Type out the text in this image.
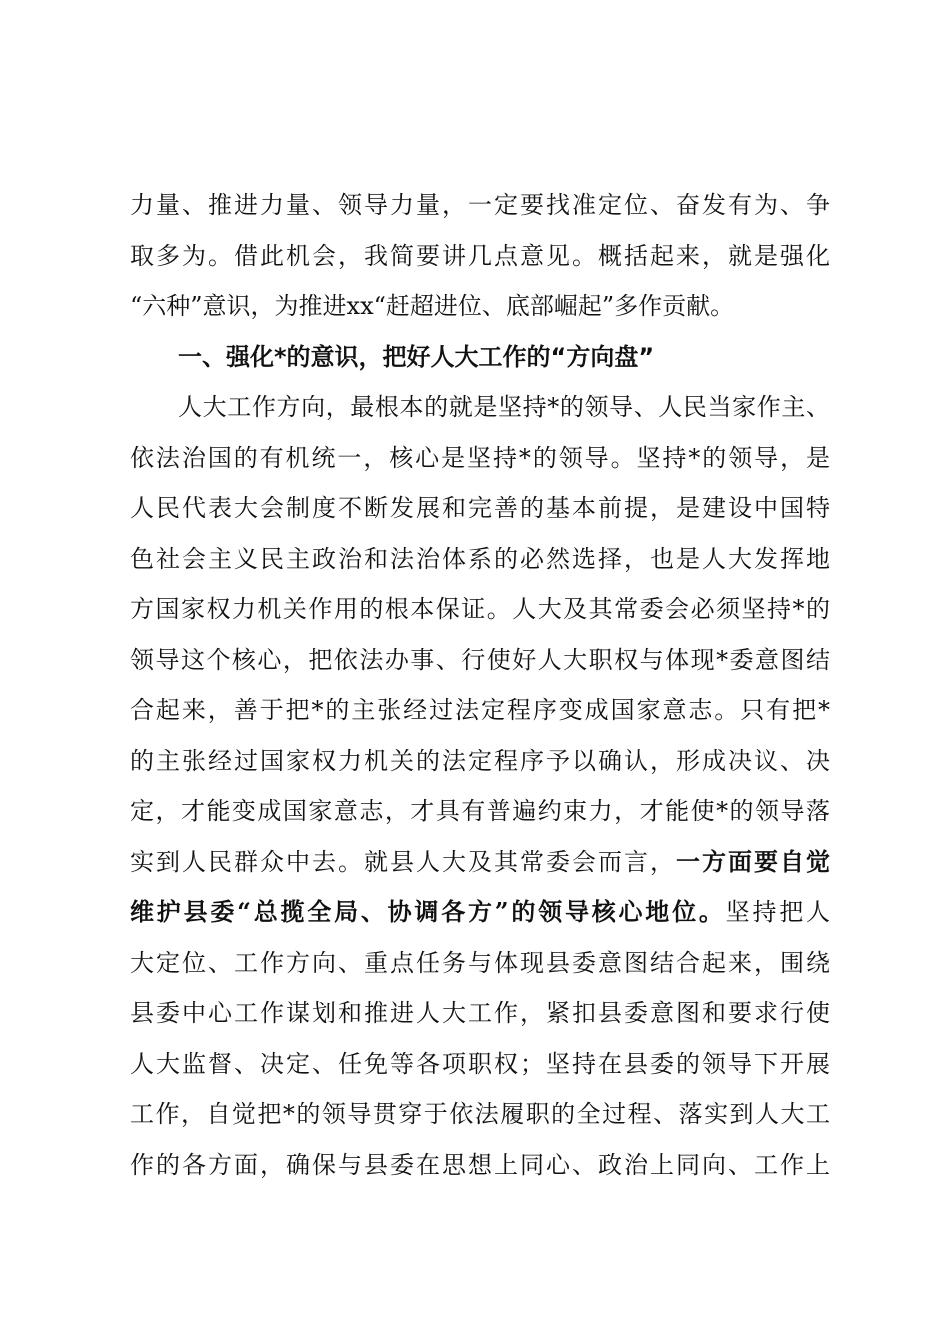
力量、推进力量、领导力量，一定要找准定位、奋发有为、争
取多为。借此机会，我简要讲几点意见。概括起来，就是强化
“六种”意识，为推进xx“赶超进位、底部崛起”多作贡献。
一、强化*的意识，把好人大工作的“方向盘”
人大工作方向，最根本的就是坚持*的领导、人民当家作主、
依法治国的有机统一，核心是坚持*的领导。坚持*的领导，是
人民代表大会制度不断发展和完善的基本前提，是建设中国特
色社会主义民主政治和法治体系的必然选择，也是人大发挥地
方国家权力机关作用的根本保证。人大及其常委会必须坚持*的
领导这个核心，把依法办事、行使好人大职权与体现*委意图结
合起来，善于把*的主张经过法定程序变成国家意志。只有把*
的主张经过国家权力机关的法定程序予以确认，形成决议、决
定，才能变成国家意志，才具有普遍约束力，才能使*的领导落
实到人民群众中去。就县人大及其常委会而言，一方面要自觉
维护县委“总揽全局、协调各方”的领导核心地位。坚持把人
大定位、工作方向、重点任务与体现县委意图结合起来，围绕
县委中心工作谋划和推进人大工作，紧扣县委意图和要求行使
人大监督、决定、任免等各项职权；坚持在县委的领导下开展
工作，自觉把*的领导贯穿于依法履职的全过程、落实到人大工
作的各方面，确保与县委在思想上同心、政治上同向、工作上
